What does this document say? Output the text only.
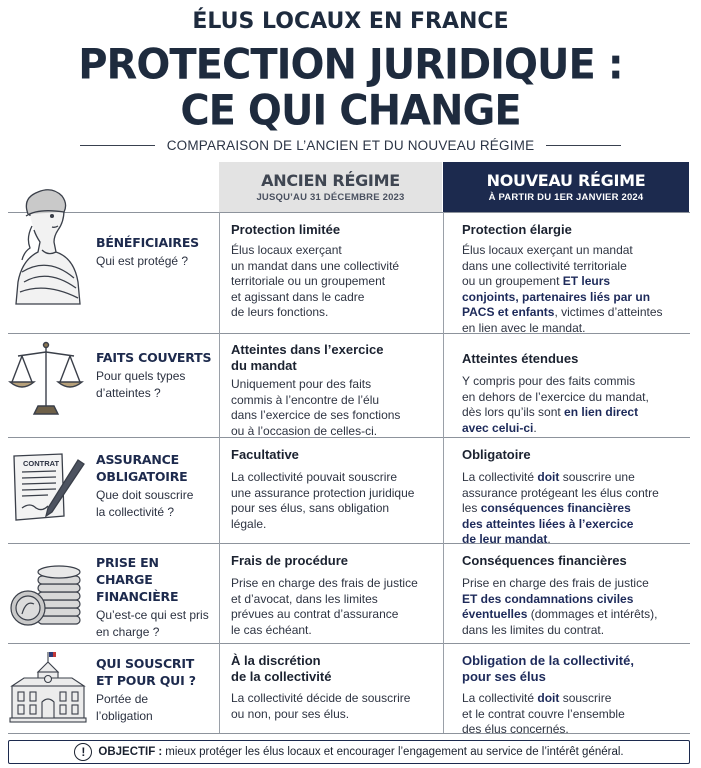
ÉLUS LOCAUX EN FRANCE
PROTECTION JURIDIQUE :
CE QUI CHANGE
COMPARAISON DE L’ANCIEN ET DU NOUVEAU RÉGIME
ANCIEN RÉGIME
JUSQU’AU 31 DÉCEMBRE 2023
NOUVEAU RÉGIME
À PARTIR DU 1ER JANVIER 2024
BÉNÉFICIAIRES
Qui est protégé ?
Protection limitée
Élus locaux exerçant
un mandat dans une collectivité
territoriale ou un groupement
et agissant dans le cadre
de leurs fonctions.
Protection élargie
Élus locaux exerçant un mandat
dans une collectivité territoriale
ou un groupement ET leurs
conjoints, partenaires liés par un
PACS et enfants, victimes d’atteintes
en lien avec le mandat.
FAITS COUVERTS
Pour quels types
d’atteintes ?
Atteintes dans l’exercice
du mandat
Uniquement pour des faits
commis à l’encontre de l’élu
dans l’exercice de ses fonctions
ou à l’occasion de celles-ci.
Atteintes étendues
Y compris pour des faits commis
en dehors de l’exercice du mandat,
dès lors qu’ils sont en lien direct
avec celui-ci.
CONTRAT	ASSURANCE
OBLIGATOIRE
Que doit souscrire
la collectivité ?
Facultative
La collectivité pouvait souscrire
une assurance protection juridique
pour ses élus, sans obligation
légale.
Obligatoire
La collectivité doit souscrire une
assurance protégeant les élus contre
les conséquences financières
des atteintes liées à l’exercice
de leur mandat.
PRISE EN CHARGE
FINANCIÈRE
Qu’est-ce qui est pris
en charge ?
Frais de procédure
Prise en charge des frais de justice
et d’avocat, dans les limites
prévues au contrat d’assurance
le cas échéant.
Conséquences financières
Prise en charge des frais de justice
ET des condamnations civiles
éventuelles (dommages et intérêts),
dans les limites du contrat.
QUI SOUSCRIT
ET POUR QUI ?
Portée de
l’obligation
À la discrétion
de la collectivité
La collectivité décide de souscrire
ou non, pour ses élus.
Obligation de la collectivité,
pour ses élus
La collectivité doit souscrire
et le contrat couvre l’ensemble
des élus concernés.
!	OBJECTIF : mieux protéger les élus locaux et encourager l’engagement au service de l’intérêt général.
